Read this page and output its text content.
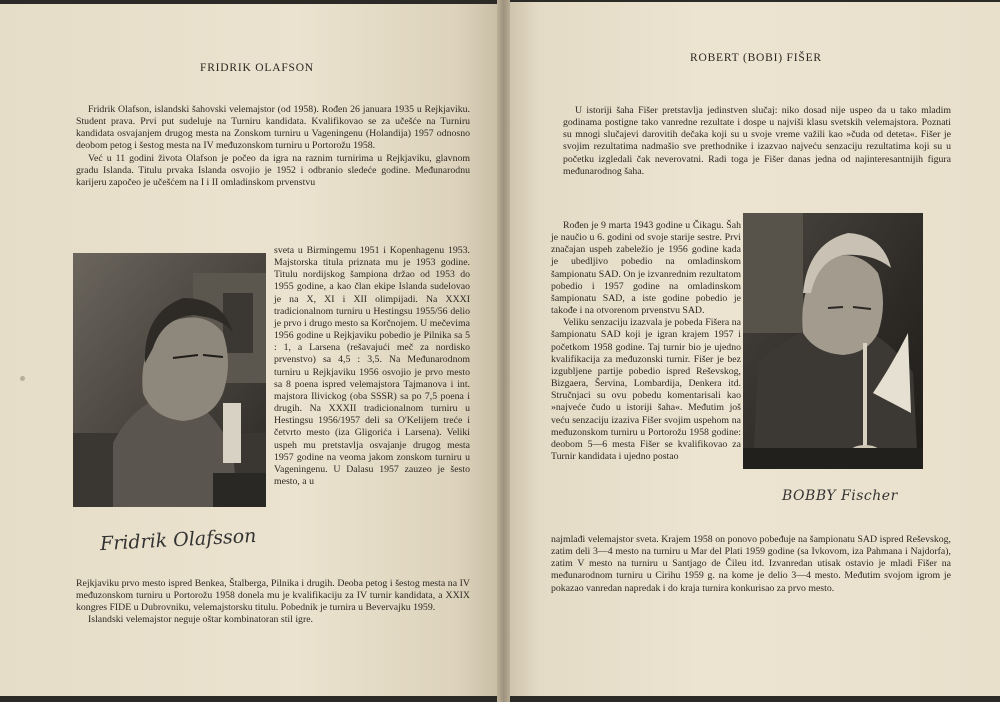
FRIDRIK OLAFSON

Fridrik Olafson, islandski šahovski velemajstor (od 1958). Rođen 26 januara 1935 u Rejkjaviku. Student prava. Prvi put sudeluje na Turniru kandidata. Kvalifikovao se za učešće na Turniru kandidata osvajanjem drugog mesta na Zonskom turniru u Vageningenu (Holandija) 1957 odnosno deobom petog i šestog mesta na IV međuzonskom turniru u Portorožu 1958.

Već u 11 godini života Olafson je počeo da igra na raznim turnirima u Rejkjaviku, glavnom gradu Islanda. Titulu prvaka Islanda osvojio je 1952 i odbranio sledeće godine. Međunarodnu karijeru započeo je učešćem na I i II omladinskom prvenstvu

sveta u Birmingemu 1951 i Kopenhagenu 1953. Majstorska titula priznata mu je 1953 godine. Titulu nordijskog šampiona držao od 1953 do 1955 godine, a kao član ekipe Islanda sudelovao je na X, XI i XII olimpijadi. Na XXXI tradicionalnom turniru u Hestingsu 1955/56 delio je prvo i drugo mesto sa Korčnojem. U mečevima 1956 godine u Rejkjaviku pobedio je Pilnika sa 5 : 1, a Larsena (rešavajući meč za nordisko prvenstvo) sa 4,5 : 3,5. Na Međunarodnom turniru u Rejkjaviku 1956 osvojio je prvo mesto sa 8 poena ispred velemajstora Tajmanova i int. majstora Ilivickog (oba SSSR) sa po 7,5 poena i drugih. Na XXXII tradicionalnom turniru u Hestingsu 1956/1957 deli sa O'Kelijem treće i četvrto mesto (iza Gligorića i Larsena). Veliki uspeh mu pretstavlja osvajanje drugog mesta 1957 godine na veoma jakom zonskom turniru u Vageningenu. U Dalasu 1957 zauzeo je šesto mesto, a u
Fridrik Olafsson

Rejkjaviku prvo mesto ispred Benkea, Štalberga, Pilnika i drugih. Deoba petog i šestog mesta na IV međuzonskom turniru u Portorožu 1958 donela mu je kvalifikaciju za IV turnir kandidata, a XXIX kongres FIDE u Dubrovniku, velemajstorsku titulu. Pobednik je turnira u Bevervajku 1959.

Islandski velemajstor neguje oštar kombinatoran stil igre.

ROBERT (BOBI) FIŠER
U istoriji šaha Fišer pretstavlja jedinstven slučaj: niko dosad nije uspeo da u tako mladim godinama postigne tako vanredne rezultate i dospe u najviši klasu svetskih velemajstora. Poznati su mnogi slučajevi darovitih dečaka koji su u svoje vreme važili kao »čuda od deteta«. Fišer je svojim rezultatima nadmašio sve prethodnike i izazvao najveću senzaciju rezultatima koji su u početku izgledali čak neverovatni. Radi toga je Fišer danas jedna od najinteresantnijih figura međunarodnog šaha.

Rođen je 9 marta 1943 godine u Čikagu. Šah je naučio u 6. godini od svoje starije sestre. Prvi značajan uspeh zabeležio je 1956 godine kada je ubedljivo pobedio na omladinskom šampionatu SAD. On je izvanrednim rezultatom pobedio i 1957 godine na omladinskom šampionatu SAD, a iste godine pobedio je takođe i na otvorenom prvenstvu SAD.

Veliku senzaciju izazvala je pobeda Fišera na šampionatu SAD koji je igran krajem 1957 i početkom 1958 godine. Taj turnir bio je ujedno kvalifikacija za međuzonski turnir. Fišer je bez izgubljene partije pobedio ispred Reševskog, Bizgaera, Šervina, Lombardija, Denkera itd. Stručnjaci su ovu pobedu komentarisali kao »najveće čudo u istoriji šaha«. Međutim još veću senzaciju izaziva Fišer svojim uspehom na međuzonskom turniru u Portorožu 1958 godine: deobom 5—6 mesta Fišer se kvalifikovao za Turnir kandidata i ujedno postao

BOBBY Fischer
najmlađi velemajstor sveta. Krajem 1958 on ponovo pobeđuje na šampionatu SAD ispred Reševskog, zatim deli 3—4 mesto na turniru u Mar del Plati 1959 godine (sa Ivkovom, iza Pahmana i Najdorfa), zatim V mesto na turniru u Santjago de Čileu itd. Izvanredan utisak ostavio je mladi Fišer na međunarodnom turniru u Cirihu 1959 g. na kome je delio 3—4 mesto. Međutim svojom igrom je pokazao vanredan napredak i do kraja turnira konkurisao za prvo mesto.
